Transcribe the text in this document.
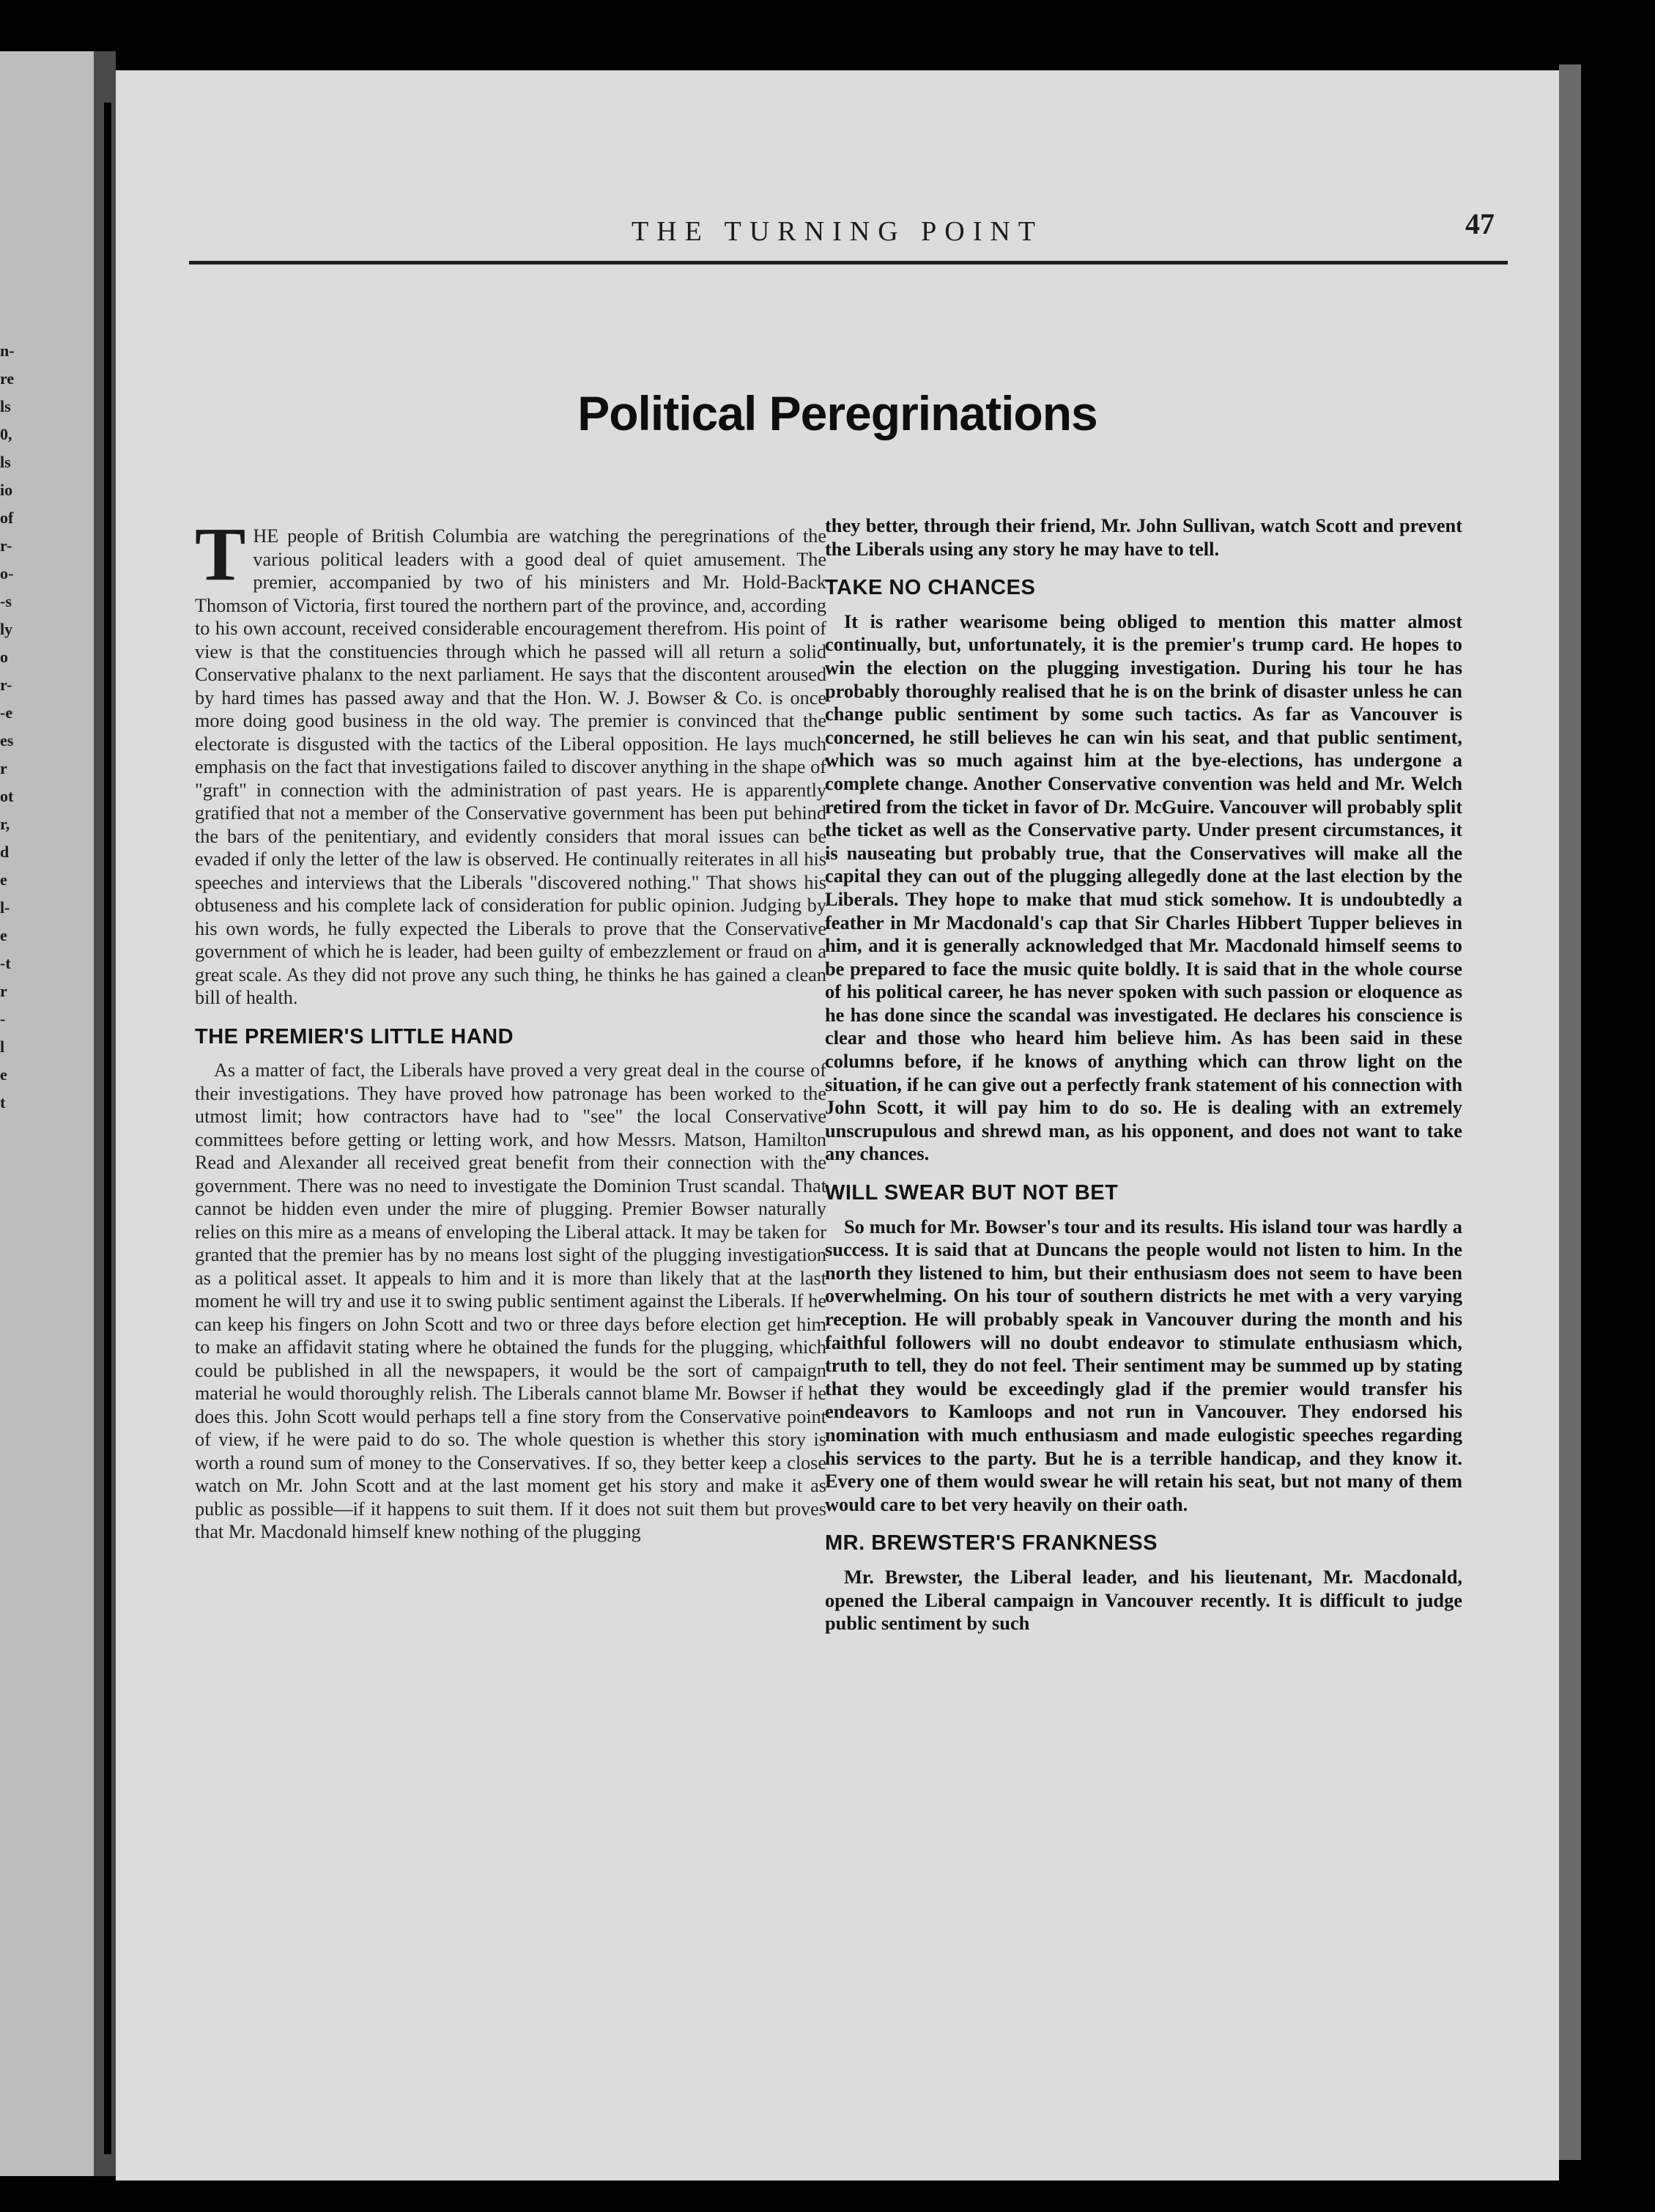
n-
re
ls
0,
ls
io
of
r-
o-
-s
ly
o
r-
-e
es
r
ot
r,
d
e
l-
e
-t
r
-
l
e
t
THE TURNING POINT	47
Political Peregrinations

THE people of British Columbia are watching the peregrinations of the various political leaders with a good deal of quiet amusement. The premier, accompanied by two of his ministers and Mr. Hold-Back Thomson of Victoria, first toured the northern part of the province, and, according to his own account, received considerable encouragement therefrom. His point of view is that the constituencies through which he passed will all return a solid Conservative phalanx to the next parliament. He says that the discontent aroused by hard times has passed away and that the Hon. W. J. Bowser & Co. is once more doing good business in the old way. The premier is convinced that the electorate is disgusted with the tactics of the Liberal opposition. He lays much emphasis on the fact that investigations failed to discover anything in the shape of "graft" in connection with the administration of past years. He is apparently gratified that not a member of the Conservative government has been put behind the bars of the penitentiary, and evidently considers that moral issues can be evaded if only the letter of the law is observed. He continually reiterates in all his speeches and interviews that the Liberals "discovered nothing." That shows his obtuseness and his complete lack of consideration for public opinion. Judging by his own words, he fully expected the Liberals to prove that the Conservative government of which he is leader, had been guilty of embezzlement or fraud on a great scale. As they did not prove any such thing, he thinks he has gained a clean bill of health.

THE PREMIER'S LITTLE HAND

As a matter of fact, the Liberals have proved a very great deal in the course of their investigations. They have proved how patronage has been worked to the utmost limit; how contractors have had to "see" the local Conservative committees before getting or letting work, and how Messrs. Matson, Hamilton Read and Alexander all received great benefit from their connection with the government. There was no need to investigate the Dominion Trust scandal. That cannot be hidden even under the mire of plugging. Premier Bowser naturally relies on this mire as a means of enveloping the Liberal attack. It may be taken for granted that the premier has by no means lost sight of the plugging investigation as a political asset. It appeals to him and it is more than likely that at the last moment he will try and use it to swing public sentiment against the Liberals. If he can keep his fingers on John Scott and two or three days before election get him to make an affidavit stating where he obtained the funds for the plugging, which could be published in all the newspapers, it would be the sort of campaign material he would thoroughly relish. The Liberals cannot blame Mr. Bowser if he does this. John Scott would perhaps tell a fine story from the Conservative point of view, if he were paid to do so. The whole question is whether this story is worth a round sum of money to the Conservatives. If so, they better keep a close watch on Mr. John Scott and at the last moment get his story and make it as public as possible—if it happens to suit them. If it does not suit them but proves that Mr. Macdonald himself knew nothing of the plugging

they better, through their friend, Mr. John Sullivan, watch Scott and prevent the Liberals using any story he may have to tell.

TAKE NO CHANCES

It is rather wearisome being obliged to mention this matter almost continually, but, unfortunately, it is the premier's trump card. He hopes to win the election on the plugging investigation. During his tour he has probably thoroughly realised that he is on the brink of disaster unless he can change public sentiment by some such tactics. As far as Vancouver is concerned, he still believes he can win his seat, and that public sentiment, which was so much against him at the bye-elections, has undergone a complete change. Another Conservative convention was held and Mr. Welch retired from the ticket in favor of Dr. McGuire. Vancouver will probably split the ticket as well as the Conservative party. Under present circumstances, it is nauseating but probably true, that the Conservatives will make all the capital they can out of the plugging allegedly done at the last election by the Liberals. They hope to make that mud stick somehow. It is undoubtedly a feather in Mr Macdonald's cap that Sir Charles Hibbert Tupper believes in him, and it is generally acknowledged that Mr. Macdonald himself seems to be prepared to face the music quite boldly. It is said that in the whole course of his political career, he has never spoken with such passion or eloquence as he has done since the scandal was investigated. He declares his conscience is clear and those who heard him believe him. As has been said in these columns before, if he knows of anything which can throw light on the situation, if he can give out a perfectly frank statement of his connection with John Scott, it will pay him to do so. He is dealing with an extremely unscrupulous and shrewd man, as his opponent, and does not want to take any chances.

WILL SWEAR BUT NOT BET

So much for Mr. Bowser's tour and its results. His island tour was hardly a success. It is said that at Duncans the people would not listen to him. In the north they listened to him, but their enthusiasm does not seem to have been overwhelming. On his tour of southern districts he met with a very varying reception. He will probably speak in Vancouver during the month and his faithful followers will no doubt endeavor to stimulate enthusiasm which, truth to tell, they do not feel. Their sentiment may be summed up by stating that they would be exceedingly glad if the premier would transfer his endeavors to Kamloops and not run in Vancouver. They endorsed his nomination with much enthusiasm and made eulogistic speeches regarding his services to the party. But he is a terrible handicap, and they know it. Every one of them would swear he will retain his seat, but not many of them would care to bet very heavily on their oath.

MR. BREWSTER'S FRANKNESS

Mr. Brewster, the Liberal leader, and his lieutenant, Mr. Macdonald, opened the Liberal campaign in Vancouver recently. It is difficult to judge public sentiment by such
